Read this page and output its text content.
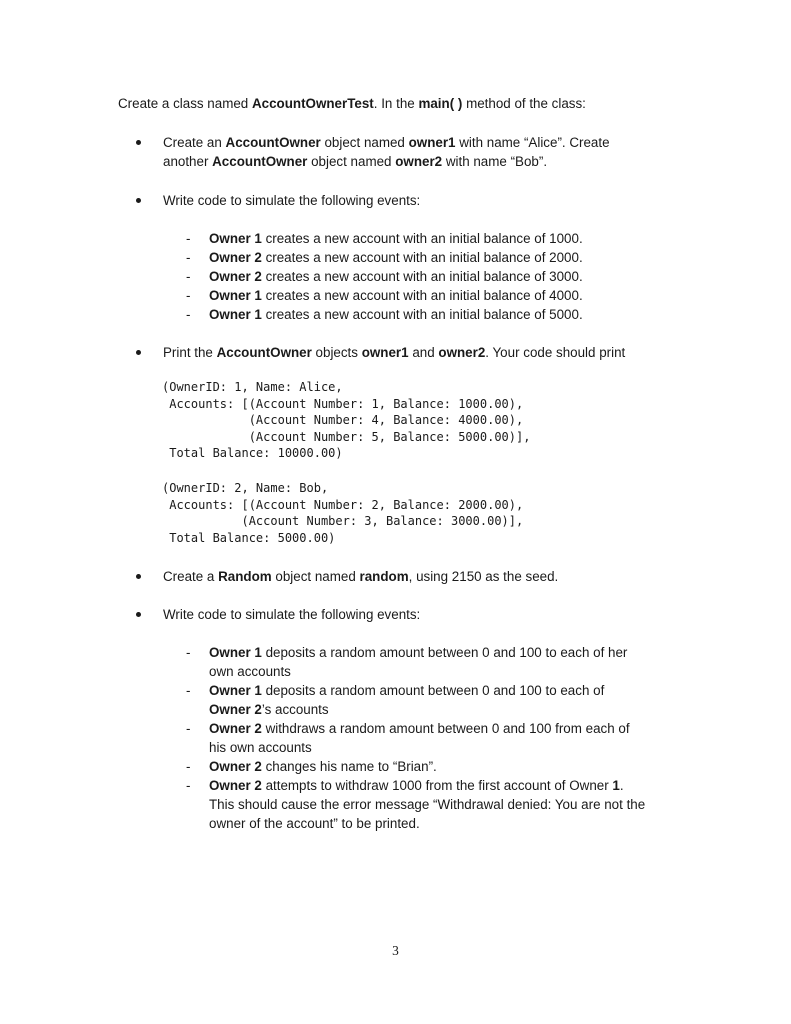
Create a class named AccountOwnerTest. In the main( ) method of the class:
Create an AccountOwner object named owner1 with name “Alice”. Create
another AccountOwner object named owner2 with name “Bob”.
Write code to simulate the following events:
- Owner 1 creates a new account with an initial balance of 1000.
- Owner 2 creates a new account with an initial balance of 2000.
- Owner 2 creates a new account with an initial balance of 3000.
- Owner 1 creates a new account with an initial balance of 4000.
- Owner 1 creates a new account with an initial balance of 5000.
Print the AccountOwner objects owner1 and owner2. Your code should print
(OwnerID: 1, Name: Alice,
Accounts: [(Account Number: 1, Balance: 1000.00),
(Account Number: 4, Balance: 4000.00),
(Account Number: 5, Balance: 5000.00)],
Total Balance: 10000.00)
(OwnerID: 2, Name: Bob,
Accounts: [(Account Number: 2, Balance: 2000.00),
(Account Number: 3, Balance: 3000.00)],
Total Balance: 5000.00)
Create a Random object named random, using 2150 as the seed.
Write code to simulate the following events:
- Owner 1 deposits a random amount between 0 and 100 to each of her
own accounts
- Owner 1 deposits a random amount between 0 and 100 to each of
Owner 2’s accounts
- Owner 2 withdraws a random amount between 0 and 100 from each of
his own accounts
- Owner 2 changes his name to “Brian”.
- Owner 2 attempts to withdraw 1000 from the first account of Owner 1.
This should cause the error message “Withdrawal denied: You are not the
owner of the account” to be printed.
3
